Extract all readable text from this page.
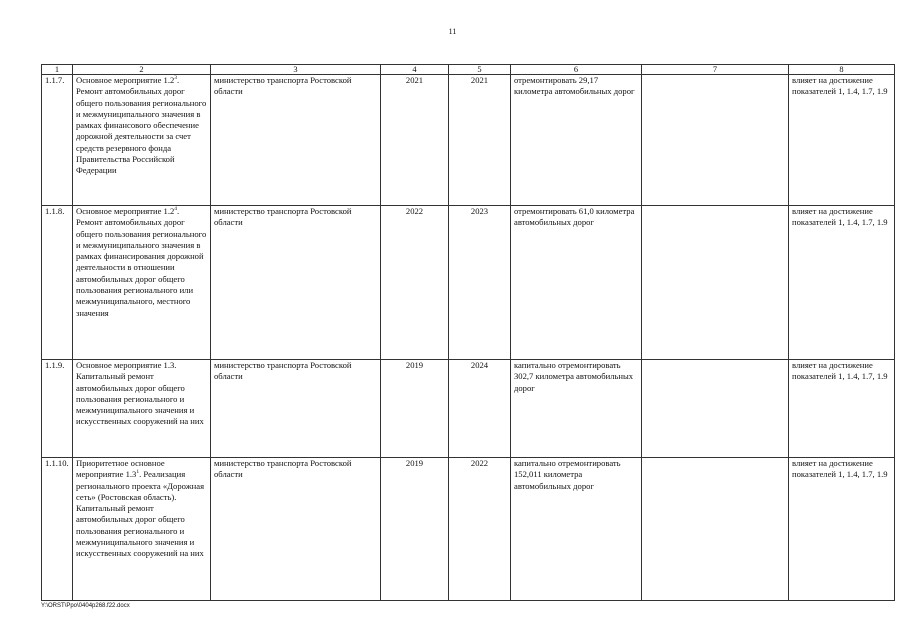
11
1	2	3	4	5	6	7	8
1.1.7.	Основное мероприятие $1.2^3$. Ремонт автомобильных дорог общего пользования регионального и межмуниципального значения в рамках финансового обеспечение дорожной деятельности за счет средств резервного фонда Правительства Российской Федерации	министерство транспорта Ростовской области	2021	2021	отремонтировать 29,17 километра автомобильных дорог		влияет на достижение показателей 1, 1.4, 1.7, 1.9
1.1.8.	Основное мероприятие $1.2^4$. Ремонт автомобильных дорог общего пользования регионального и межмуниципального значения в рамках финансирования дорожной деятельности в отношении автомобильных дорог общего пользования регионального или межмуниципального, местного значения	министерство транспорта Ростовской области	2022	2023	отремонтировать 61,0 километра автомобильных дорог		влияет на достижение показателей 1, 1.4, 1.7, 1.9
1.1.9.	Основное мероприятие 1.3. Капитальный ремонт автомобильных дорог общего пользования регионального и межмуниципального значения и искусственных сооружений на них	министерство транспорта Ростовской области	2019	2024	капитально отремонтировать 302,7 километра автомобильных дорог		влияет на достижение показателей 1, 1.4, 1.7, 1.9
1.1.10.	Приоритетное основное мероприятие $1.3^1$. Реализация регионального проекта «Дорожная сеть» (Ростовская область). Капитальный ремонт автомобильных дорог общего пользования регионального и межмуниципального значения и искусственных сооружений на них	министерство транспорта Ростовской области	2019	2022	капитально отремонтировать 152,011 километра автомобильных дорог		влияет на достижение показателей 1, 1.4, 1.7, 1.9
Y:\ORST\Ppo\0404p268.f22.docx
